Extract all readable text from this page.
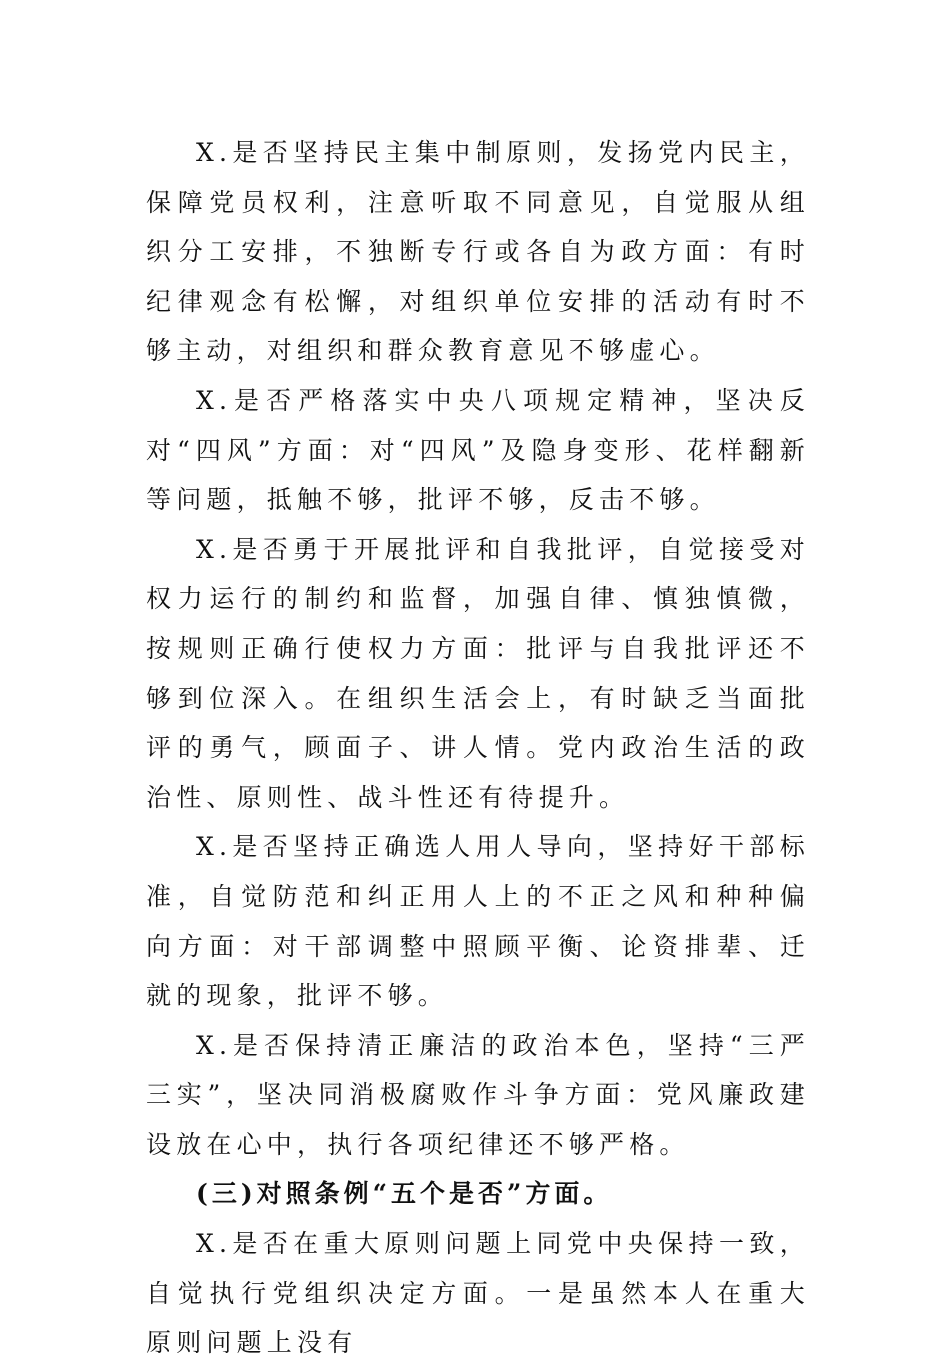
X.是否坚持民主集中制原则，发扬党内民主，保障党员权利，注意听取不同意见，自觉服从组织分工安排，不独断专行或各自为政方面：有时纪律观念有松懈，对组织单位安排的活动有时不够主动，对组织和群众教育意见不够虚心。

X.是否严格落实中央八项规定精神，坚决反对“四风”方面：对“四风”及隐身变形、花样翻新等问题，抵触不够，批评不够，反击不够。

X.是否勇于开展批评和自我批评，自觉接受对权力运行的制约和监督，加强自律、慎独慎微，按规则正确行使权力方面：批评与自我批评还不够到位深入。在组织生活会上，有时缺乏当面批评的勇气，顾面子、讲人情。党内政治生活的政治性、原则性、战斗性还有待提升。

X.是否坚持正确选人用人导向，坚持好干部标准，自觉防范和纠正用人上的不正之风和种种偏向方面：对干部调整中照顾平衡、论资排辈、迁就的现象，批评不够。

X.是否保持清正廉洁的政治本色，坚持“三严三实”，坚决同消极腐败作斗争方面：党风廉政建设放在心中，执行各项纪律还不够严格。

(三)对照条例“五个是否”方面。

X.是否在重大原则问题上同党中央保持一致，自觉执行党组织决定方面。一是虽然本人在重大原则问题上没有
